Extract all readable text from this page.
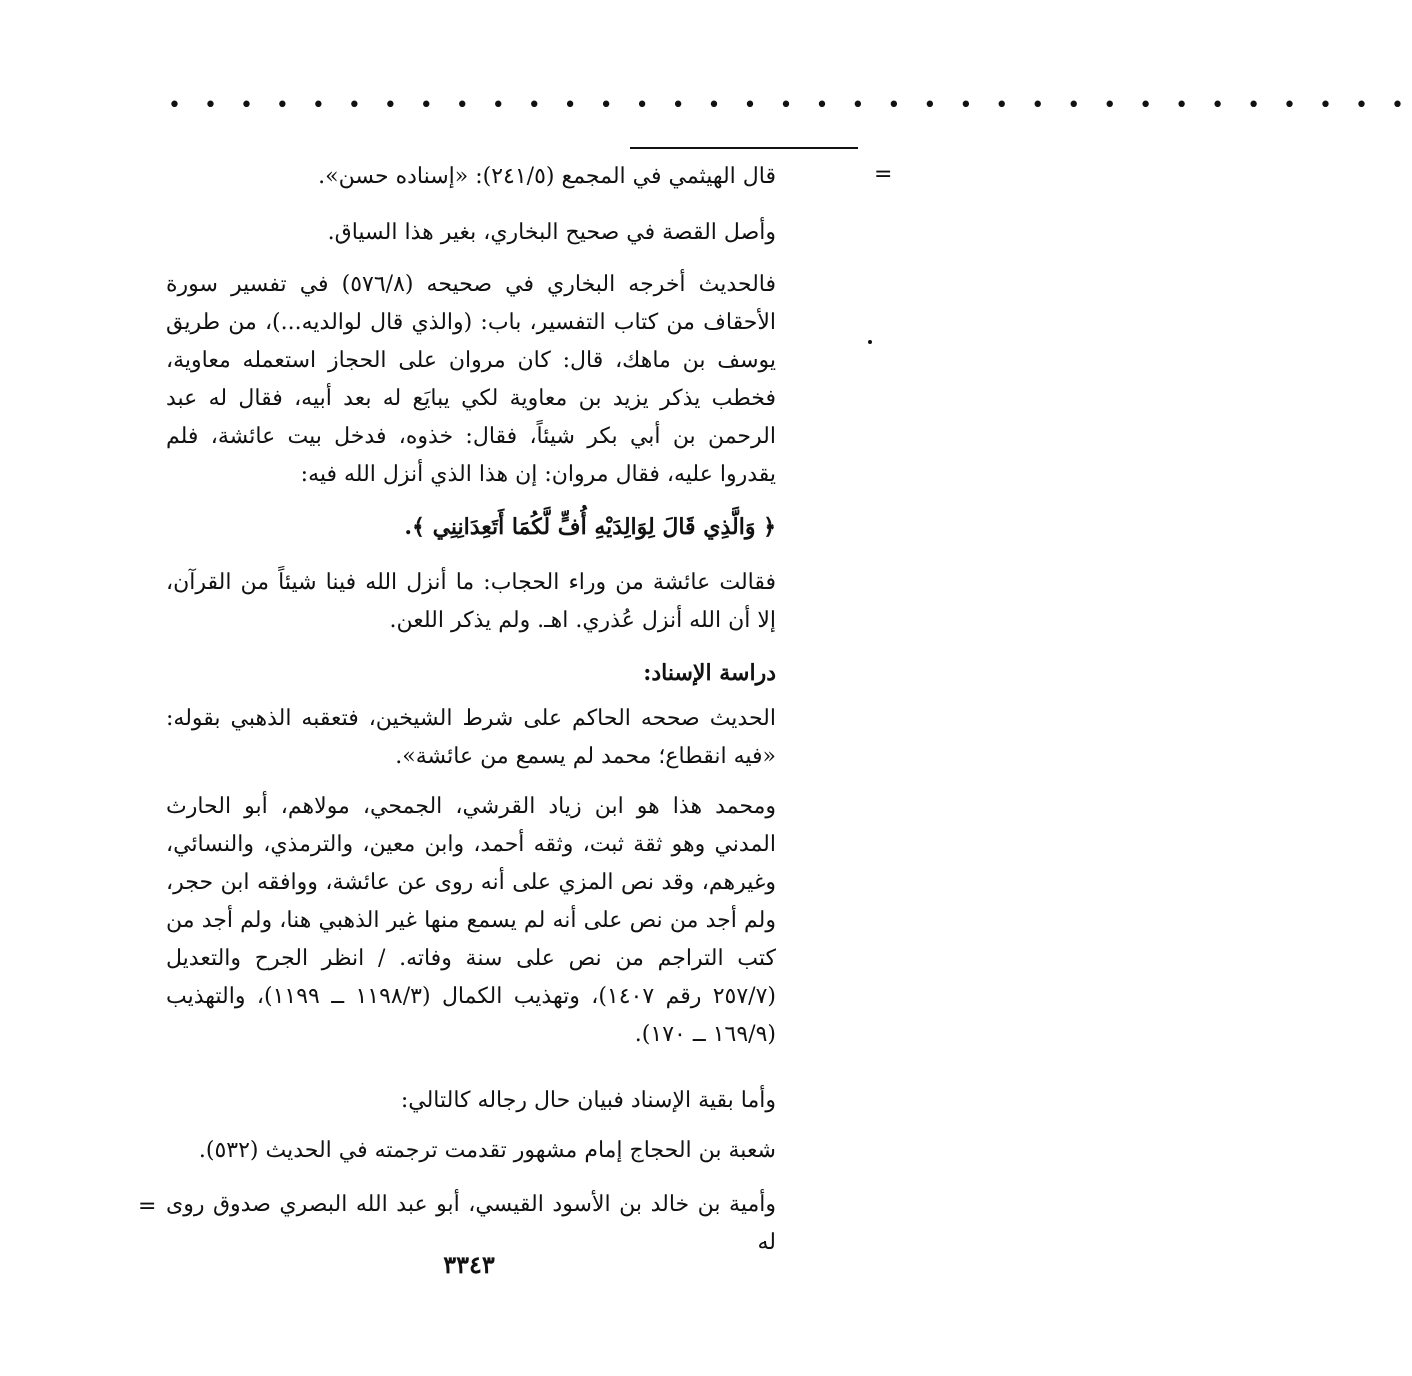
• • • • • • • • • • • • • • • • • • • • • • • • • • • • • • • • • • •
=
قال الهيثمي في المجمع (٢٤١/٥): «إسناده حسن».
وأصل القصة في صحيح البخاري، بغير هذا السياق.
فالحديث أخرجه البخاري في صحيحه (٥٧٦/٨) في تفسير سورة الأحقاف من كتاب التفسير، باب: (والذي قال لوالديه...)، من طريق يوسف بن ماهك، قال: كان مروان على الحجاز استعمله معاوية، فخطب يذكر يزيد بن معاوية لكي يبايَع له بعد أبيه، فقال له عبد الرحمن بن أبي بكر شيئاً، فقال: خذوه، فدخل بيت عائشة، فلم يقدروا عليه، فقال مروان: إن هذا الذي أنزل الله فيه:
﴿ وَالَّذِي قَالَ لِوَالِدَيْهِ أُفٍّ لَّكُمَا أَتَعِدَانِنِي ﴾.
فقالت عائشة من وراء الحجاب: ما أنزل الله فينا شيئاً من القرآن، إلا أن الله أنزل عُذري. اهـ. ولم يذكر اللعن.
دراسة الإسناد:
الحديث صححه الحاكم على شرط الشيخين، فتعقبه الذهبي بقوله: «فيه انقطاع؛ محمد لم يسمع من عائشة».
ومحمد هذا هو ابن زياد القرشي، الجمحي، مولاهم، أبو الحارث المدني وهو ثقة ثبت، وثقه أحمد، وابن معين، والترمذي، والنسائي، وغيرهم، وقد نص المزي على أنه روى عن عائشة، ووافقه ابن حجر، ولم أجد من نص على أنه لم يسمع منها غير الذهبي هنا، ولم أجد من كتب التراجم من نص على سنة وفاته. / انظر الجرح والتعديل (٢٥٧/٧ رقم ١٤٠٧)، وتهذيب الكمال (١١٩٨/٣ ــ ١١٩٩)، والتهذيب (١٦٩/٩ ــ ١٧٠).
وأما بقية الإسناد فبيان حال رجاله كالتالي:
شعبة بن الحجاج إمام مشهور تقدمت ترجمته في الحديث (٥٣٢).
وأمية بن خالد بن الأسود القيسي، أبو عبد الله البصري صدوق روى له
=
٣٣٤٣
